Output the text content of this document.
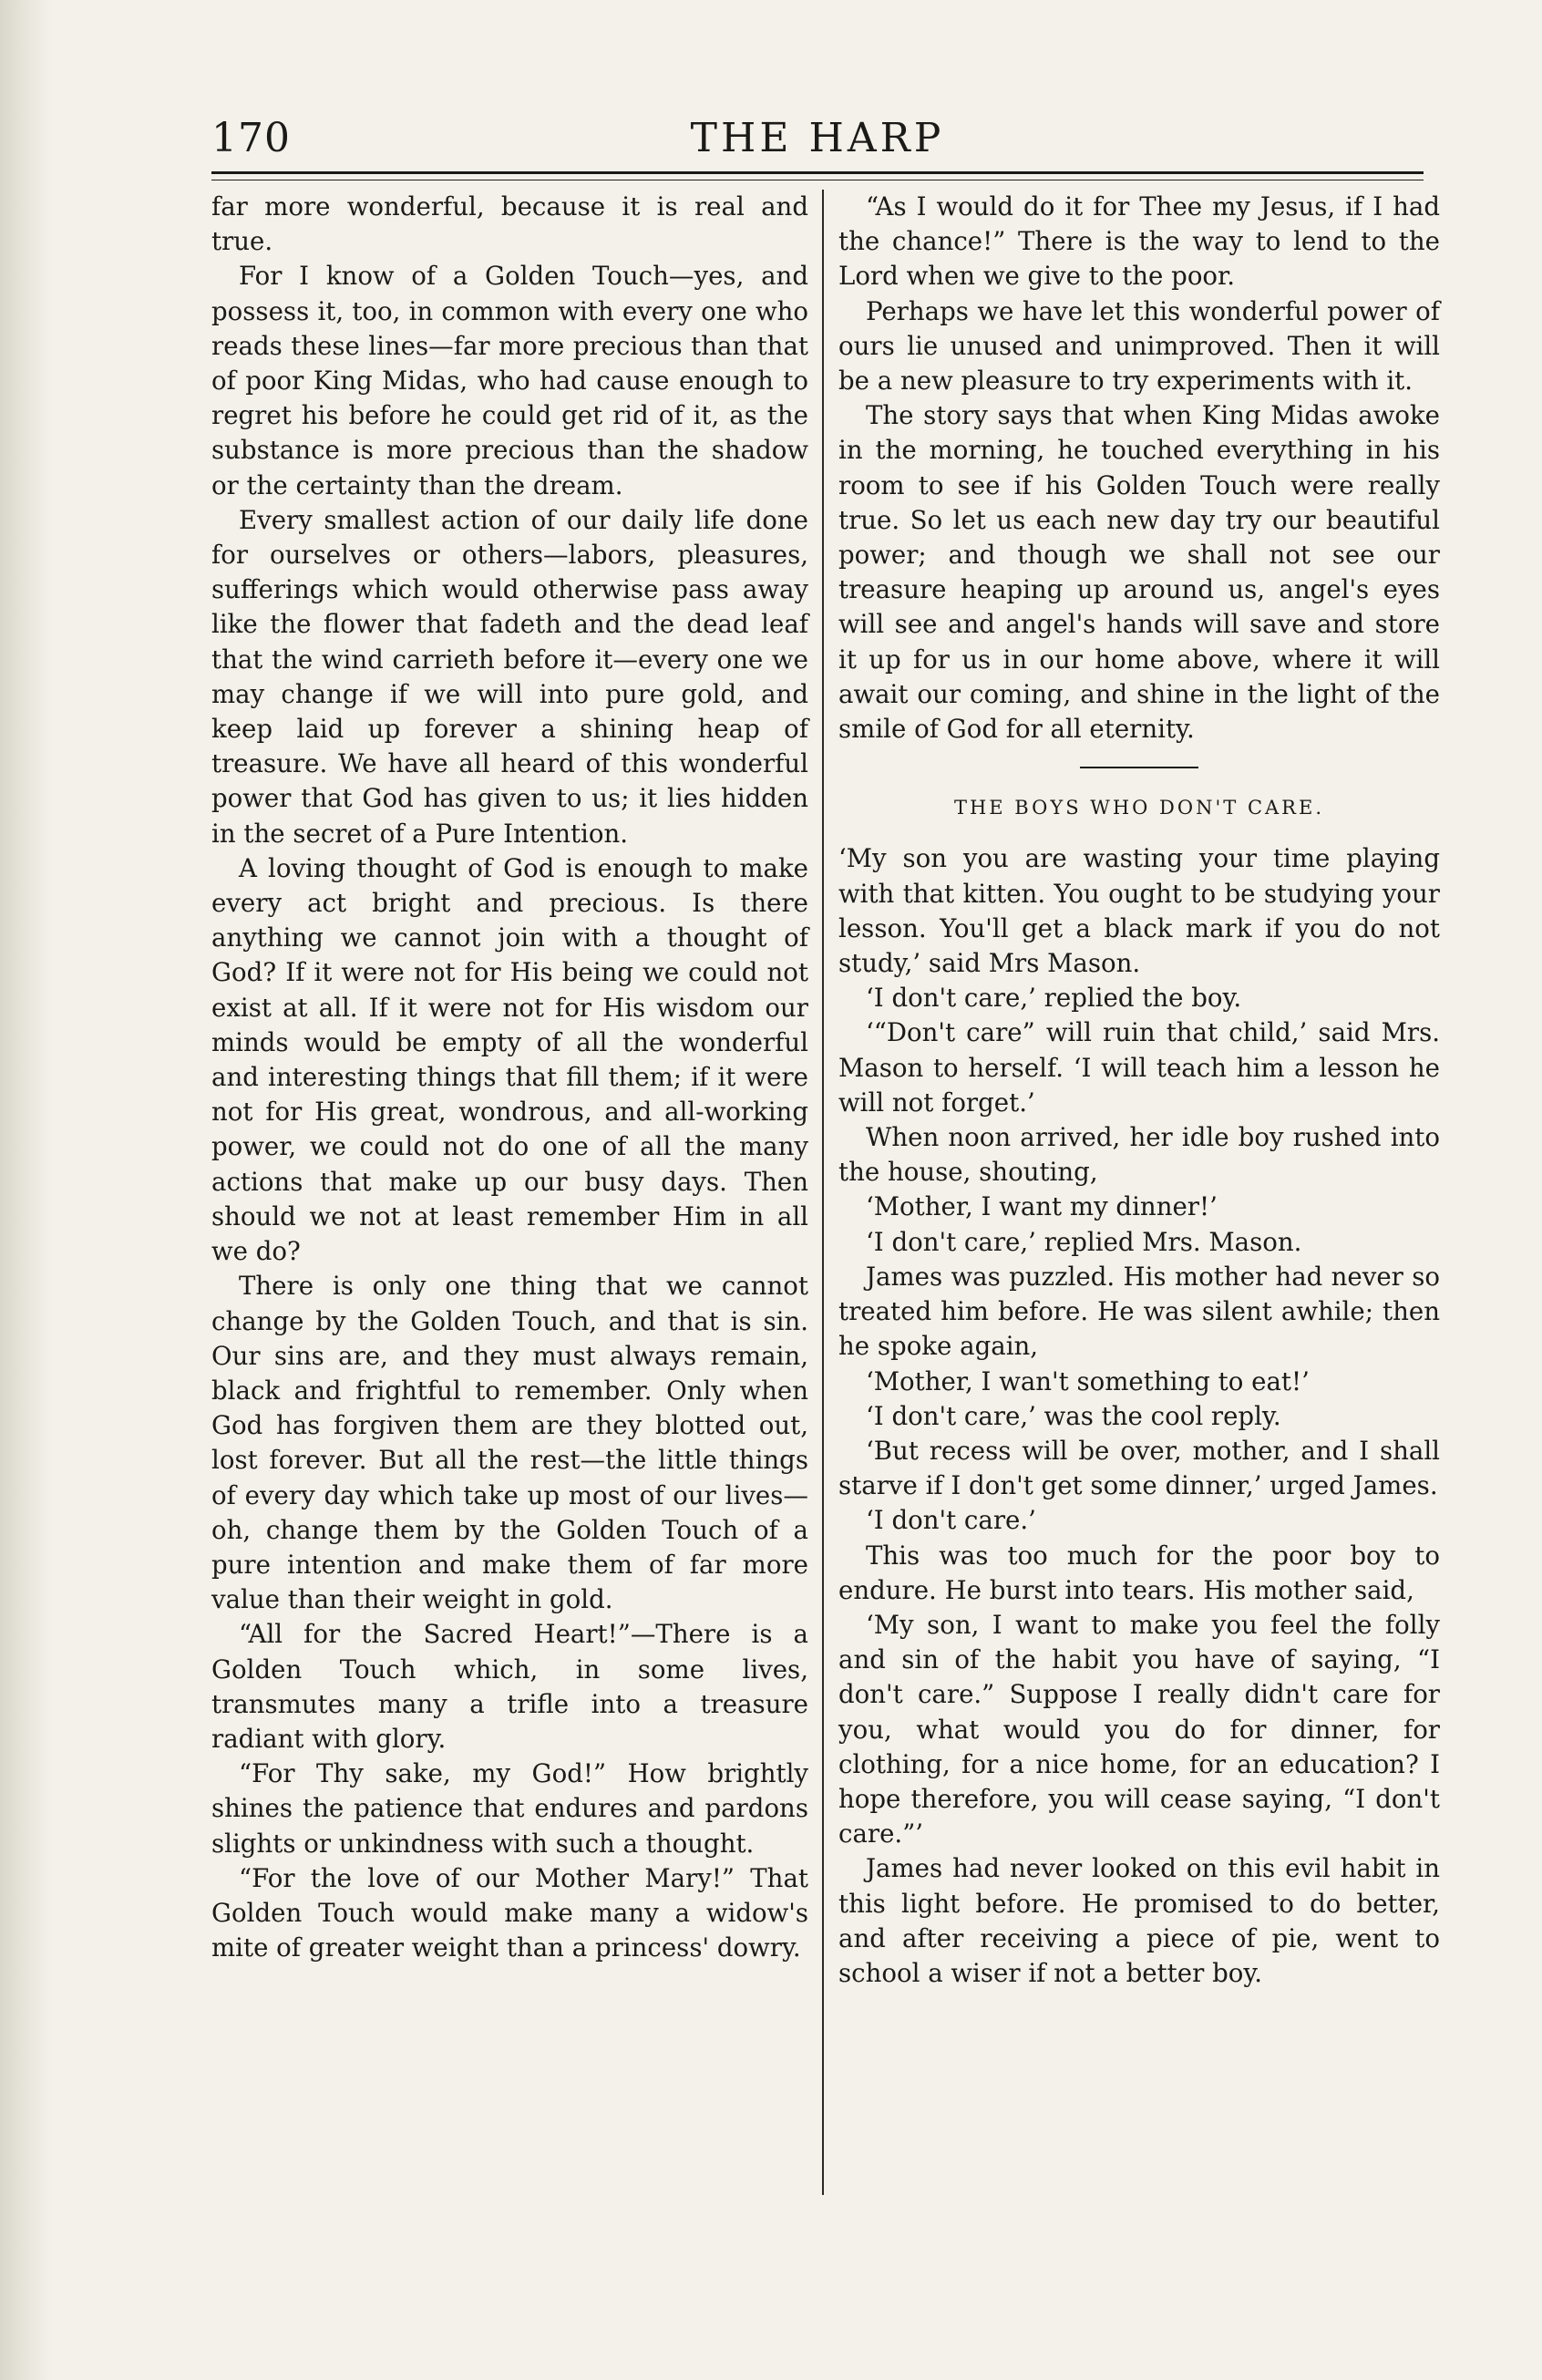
170	THE HARP

far more wonderful, because it is real and true.

For I know of a Golden Touch—yes, and possess it, too, in common with every one who reads these lines—far more precious than that of poor King Midas, who had cause enough to regret his before he could get rid of it, as the substance is more precious than the shadow or the certainty than the dream.

Every smallest action of our daily life done for ourselves or others—labors, pleasures, sufferings which would otherwise pass away like the flower that fadeth and the dead leaf that the wind carrieth before it—every one we may change if we will into pure gold, and keep laid up forever a shining heap of treasure. We have all heard of this wonderful power that God has given to us; it lies hidden in the secret of a Pure Intention.

A loving thought of God is enough to make every act bright and precious. Is there anything we cannot join with a thought of God? If it were not for His being we could not exist at all. If it were not for His wisdom our minds would be empty of all the wonderful and interesting things that fill them; if it were not for His great, wondrous, and all-working power, we could not do one of all the many actions that make up our busy days. Then should we not at least remember Him in all we do?

There is only one thing that we cannot change by the Golden Touch, and that is sin. Our sins are, and they must always remain, black and frightful to remember. Only when God has forgiven them are they blotted out, lost forever. But all the rest—the little things of every day which take up most of our lives—oh, change them by the Golden Touch of a pure intention and make them of far more value than their weight in gold.

“All for the Sacred Heart!”—There is a Golden Touch which, in some lives, transmutes many a trifle into a treasure radiant with glory.

“For Thy sake, my God!” How brightly shines the patience that endures and pardons slights or unkindness with such a thought.

“For the love of our Mother Mary!” That Golden Touch would make many a widow's mite of greater weight than a princess' dowry.

“As I would do it for Thee my Jesus, if I had the chance!” There is the way to lend to the Lord when we give to the poor.

Perhaps we have let this wonderful power of ours lie unused and unimproved. Then it will be a new pleasure to try experiments with it.

The story says that when King Midas awoke in the morning, he touched everything in his room to see if his Golden Touch were really true. So let us each new day try our beautiful power; and though we shall not see our treasure heaping up around us, angel's eyes will see and angel's hands will save and store it up for us in our home above, where it will await our coming, and shine in the light of the smile of God for all eternity.

THE BOYS WHO DON'T CARE.

‘My son you are wasting your time playing with that kitten. You ought to be studying your lesson. You'll get a black mark if you do not study,’ said Mrs Mason.

‘I don't care,’ replied the boy.

‘“Don't care” will ruin that child,’ said Mrs. Mason to herself. ‘I will teach him a lesson he will not forget.’

When noon arrived, her idle boy rushed into the house, shouting,

‘Mother, I want my dinner!’

‘I don't care,’ replied Mrs. Mason.

James was puzzled. His mother had never so treated him before. He was silent awhile; then he spoke again,

‘Mother, I wan't something to eat!’

‘I don't care,’ was the cool reply.

‘But recess will be over, mother, and I shall starve if I don't get some dinner,’ urged James.

‘I don't care.’

This was too much for the poor boy to endure. He burst into tears. His mother said,

‘My son, I want to make you feel the folly and sin of the habit you have of saying, “I don't care.” Suppose I really didn't care for you, what would you do for dinner, for clothing, for a nice home, for an education? I hope therefore, you will cease saying, “I don't care.”’

James had never looked on this evil habit in this light before. He promised to do better, and after receiving a piece of pie, went to school a wiser if not a better boy.
